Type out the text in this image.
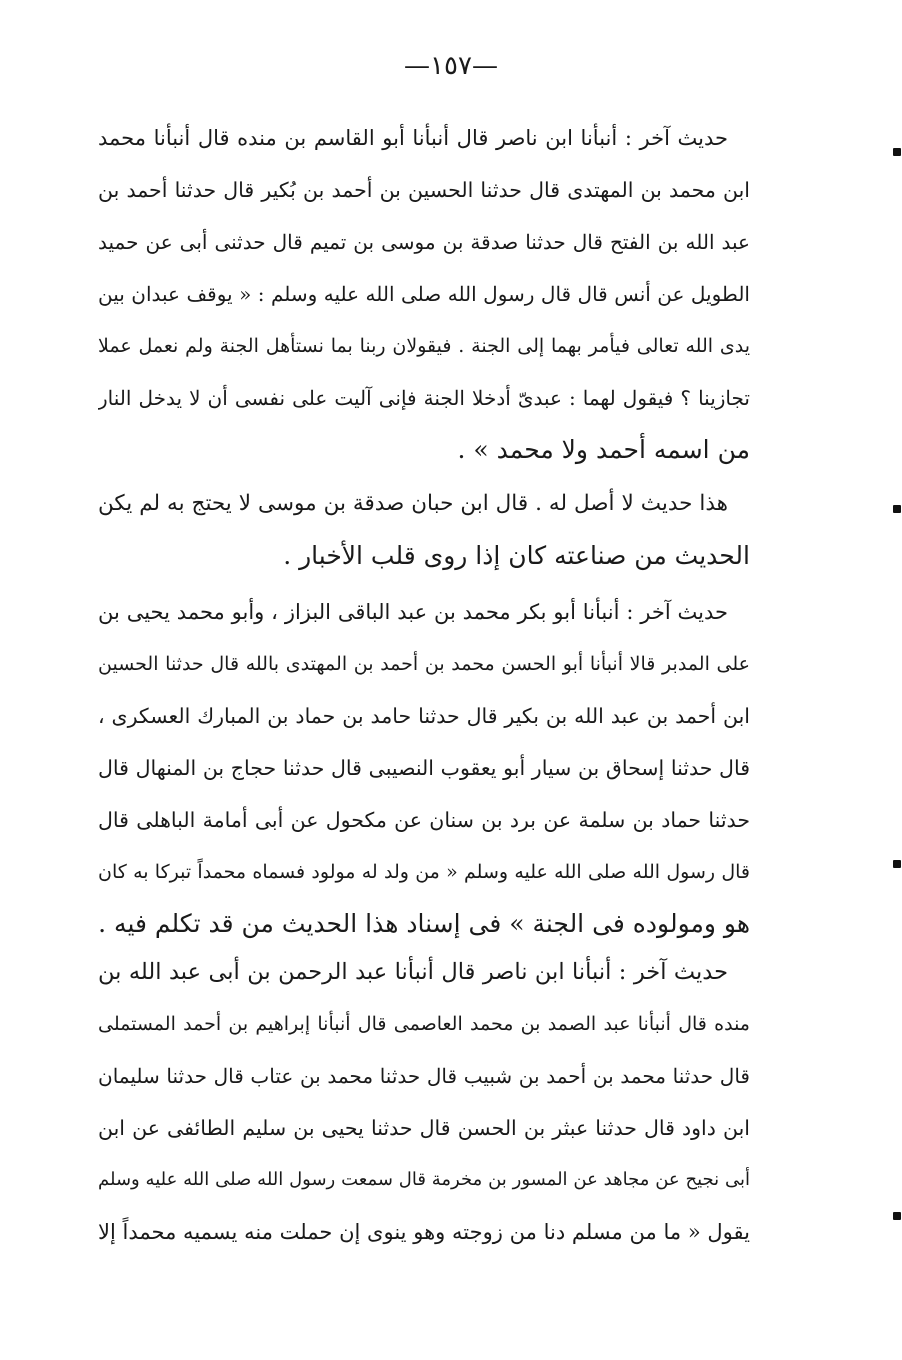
—١٥٧—
حديث آخر : أنبأنا ابن ناصر قال أنبأنا أبو القاسم بن منده قال أنبأنا محمد
ابن محمد بن المهتدى قال حدثنا الحسين بن أحمد بن بُكير قال حدثنا أحمد بن
عبد الله بن الفتح قال حدثنا صدقة بن موسى بن تميم قال حدثنى أبى عن حميد
الطويل عن أنس قال قال رسول الله صلى الله عليه وسلم : « يوقف عبدان بين
يدى الله تعالى فيأمر بهما إلى الجنة . فيقولان ربنا بما نستأهل الجنة ولم نعمل عملا
تجازينا ؟ فيقول لهما : عبدىّ أدخلا الجنة فإنى آليت على نفسى أن لا يدخل النار
من اسمه أحمد ولا محمد » .
هذا حديث لا أصل له . قال ابن حبان صدقة بن موسى لا يحتج به لم يكن
الحديث من صناعته كان إذا روى قلب الأخبار .
حديث آخر : أنبأنا أبو بكر محمد بن عبد الباقى البزاز ، وأبو محمد يحيى بن
على المدبر قالا أنبأنا أبو الحسن محمد بن أحمد بن المهتدى بالله قال حدثنا الحسين
ابن أحمد بن عبد الله بن بكير قال حدثنا حامد بن حماد بن المبارك العسكرى ،
قال حدثنا إسحاق بن سيار أبو يعقوب النصيبى قال حدثنا حجاج بن المنهال قال
حدثنا حماد بن سلمة عن برد بن سنان عن مكحول عن أبى أمامة الباهلى قال
قال رسول الله صلى الله عليه وسلم « من ولد له مولود فسماه محمداً تبركا به كان
هو ومولوده فى الجنة » فى إسناد هذا الحديث من قد تكلم فيه .
حديث آخر : أنبأنا ابن ناصر قال أنبأنا عبد الرحمن بن أبى عبد الله بن
منده قال أنبأنا عبد الصمد بن محمد العاصمى قال أنبأنا إبراهيم بن أحمد المستملى
قال حدثنا محمد بن أحمد بن شبيب قال حدثنا محمد بن عتاب قال حدثنا سليمان
ابن داود قال حدثنا عبثر بن الحسن قال حدثنا يحيى بن سليم الطائفى عن ابن
أبى نجيح عن مجاهد عن المسور بن مخرمة قال سمعت رسول الله صلى الله عليه وسلم
يقول « ما من مسلم دنا من زوجته وهو ينوى إن حملت منه يسميه محمداً إلا
